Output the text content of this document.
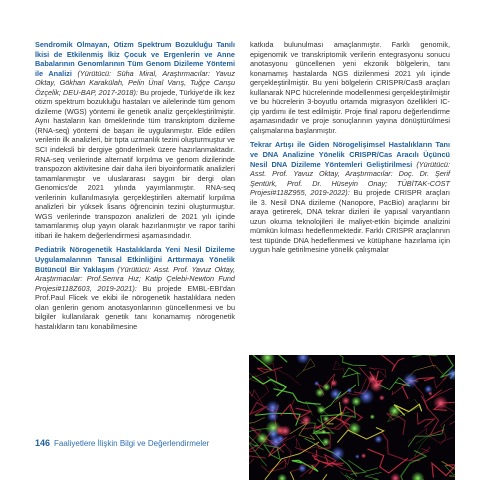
Sendromik Olmayan, Otizm Spektrum Bozukluğu Tanılı İkisi de Etkilenmiş İkiz Çocuk ve Ergenlerin ve Anne Babalarının Genomlarının Tüm Genom Dizileme Yöntemi ile Analizi (Yürütücü: Süha Miral, Araştırmacılar: Yavuz Oktay, Gökhan Karakülah, Pelin Ünal Varış, Tuğçe Canşu Özçelik; DEU-BAP, 2017-2018): Bu projede, Türkiye'de ilk kez otizm spektrum bozukluğu hastaları ve ailelerinde tüm genom dizileme (WGS) yöntemi ile genetik analiz gerçekleştirilmiştir. Aynı hastaların kan örneklerinde tüm transkriptom dizileme (RNA-seq) yöntemi de başarı ile uygulanmıştır. Elde edilen verilerin ilk analizleri, bir tıpta uzmanlık tezini oluşturmuştur ve SCI indeksli bir dergiye gönderilmek üzere hazırlanmaktadır. RNA-seq verilerinde alternatif kırpılma ve genom dizilerinde transpozon aktivitesine dair daha ileri biyoinformatik analizleri tamamlanmıştır ve uluslararası saygın bir dergi olan Genomics'de 2021 yılında yayımlanmıştır. RNA-seq verilerinin kullanılmasıyla gerçekleştirilen alternatif kırpılma analizleri bir yüksek lisans öğrencinin tezini oluşturmuştur. WGS verilerinde transpozon analizleri de 2021 yılı içinde tamamlanmış olup yayın olarak hazırlanmıştır ve rapor tarihi itibari ile hakem değerlendirmesi aşamasındadır.

Pediatrik Nörogenetik Hastalıklarda Yeni Nesil Dizileme Uygulamalarının Tanısal Etkinliğini Arttırmaya Yönelik Bütüncül Bir Yaklaşım (Yürütücü: Asst. Prof. Yavuz Oktay, Araştırmacılar: Prof.Semra Hız; Katip Çelebi-Newton Fund Projesi#118Z603, 2019-2021): Bu projede EMBL-EBI'dan Prof.Paul Flicek ve ekibi ile nörogenetik hastalıklara neden olan genlerin genom anotasyonlarının güncellenmesi ve bu bilgiler kullanılarak genetik tanı konamamış nörogenetik hastalıkların tanı konabilmesine

katkıda bulunulması amaçlanmıştır. Farklı genomik, epigenomik ve transkriptomik verilerin entegrasyonu sonucu anotasyonu güncellenen yeni ekzonik bölgelerin, tanı konamamış hastalarda NGS dizilenmesi 2021 yılı içinde gerçekleştirilmiştir. Bu yeni bölgelerin CRISPR/Cas9 araçları kullanarak NPC hücrelerinde modellenmesi gerçekleştirilmiştir ve bu hücrelerin 3-boyutlu ortamda migrasyon özellikleri IC-çip yardımı ile test edilmiştir. Proje final raporu değerlendirme aşamasındadır ve proje sonuçlarının yayına dönüştürülmesi çalışmalarına başlanmıştır.

Tekrar Artışı ile Giden Nörogelişimsel Hastalıkların Tanı ve DNA Analizine Yönelik CRISPR/Cas Aracılı Üçüncü Nesil DNA Dizileme Yöntemleri Geliştirilmesi (Yürütücü: Asst. Prof. Yavuz Oktay, Araştırmacılar: Doç. Dr. Şerif Şentürk, Prof. Dr. Hüseyin Onay; TÜBİTAK-COST Projesi#118Z955, 2019-2022): Bu projede CRISPR araçları ile 3. Nesil DNA dizileme (Nanopore, PacBio) araçlarını bir araya getirerek, DNA tekrar dizileri ile yapısal varyantların uzun okuma teknolojileri ile maliyet-etkin biçimde analizini mümkün kılması hedeflenmektedir. Farklı CRISPR araçlarının test tüpünde DNA hedeflenmesi ve kütüphane hazırlama için uygun hale getirilmesine yönelik çalışmalar

146 Faaliyetlere İlişkin Bilgi ve Değerlendirmeler
